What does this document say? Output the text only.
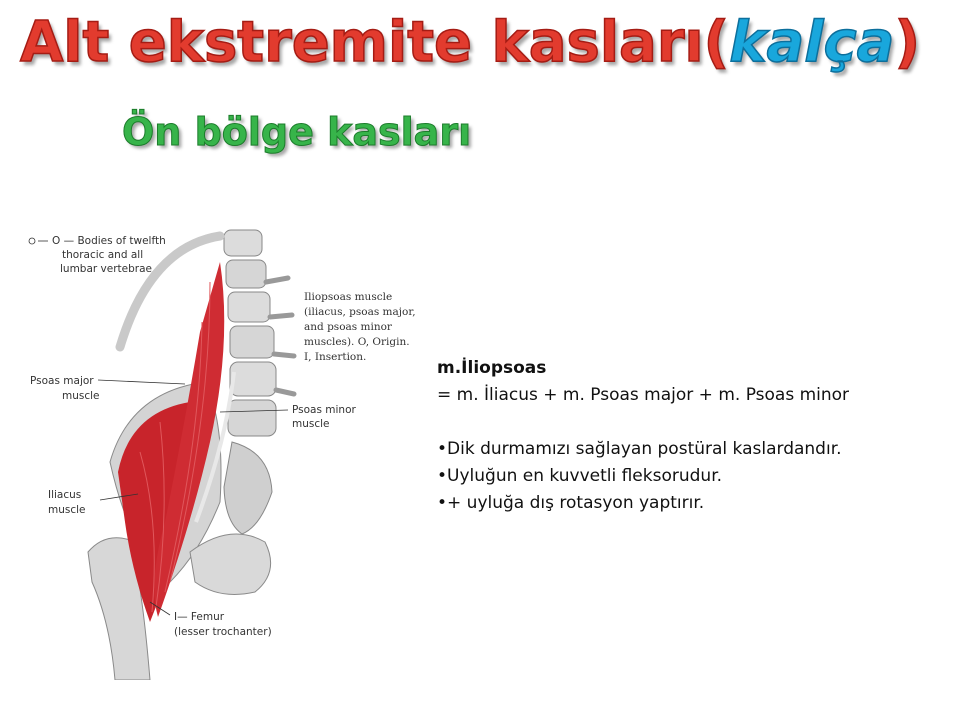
Alt ekstremite kasları(kalça)
Ön bölge kasları
O — Bodies of twelfth
thoracic and all
lumbar vertebrae
Iliopsoas muscle
(iliacus, psoas major,
and psoas minor
muscles). O, Origin.
I, Insertion.
Psoas major
muscle
Psoas minor
muscle
Iliacus
muscle
I— Femur
(lesser trochanter)
m.İliopsoas
= m. İliacus + m. Psoas major + m. Psoas minor
•Dik durmamızı sağlayan postüral kaslardandır.
•Uyluğun en kuvvetli fleksorudur.
•+ uyluğa dış rotasyon yaptırır.
